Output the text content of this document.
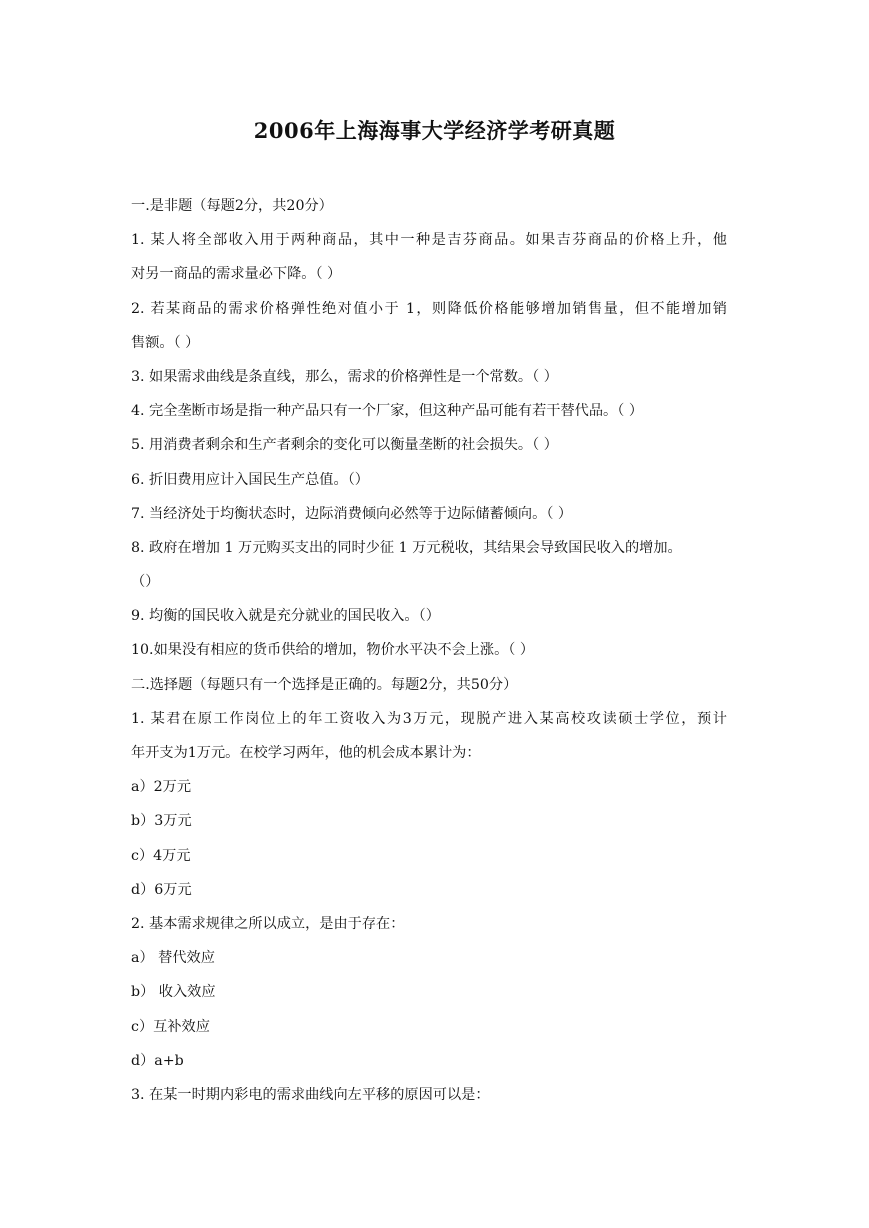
2006年上海海事大学经济学考研真题
一.是非题（每题2分，共20分）
1. 某人将全部收入用于两种商品，其中一种是吉芬商品。如果吉芬商品的价格上升，他
对另一商品的需求量必下降。（ ）
2. 若某商品的需求价格弹性绝对值小于 1，则降低价格能够增加销售量，但不能增加销
售额。（ ）
3. 如果需求曲线是条直线，那么，需求的价格弹性是一个常数。（ ）
4. 完全垄断市场是指一种产品只有一个厂家，但这种产品可能有若干替代品。（ ）
5. 用消费者剩余和生产者剩余的变化可以衡量垄断的社会损失。（ ）
6. 折旧费用应计入国民生产总值。（）
7. 当经济处于均衡状态时，边际消费倾向必然等于边际储蓄倾向。（ ）
8. 政府在增加 1 万元购买支出的同时少征 1 万元税收，其结果会导致国民收入的增加。
（）
9. 均衡的国民收入就是充分就业的国民收入。（）
10.如果没有相应的货币供给的增加，物价水平决不会上涨。（ ）
二.选择题（每题只有一个选择是正确的。每题2分，共50分）
1. 某君在原工作岗位上的年工资收入为3万元，现脱产进入某高校攻读硕士学位，预计
年开支为1万元。在校学习两年，他的机会成本累计为：
a）2万元
b）3万元
c）4万元
d）6万元
2. 基本需求规律之所以成立，是由于存在：
a） 替代效应
b） 收入效应
c）互补效应
d）a+b
3. 在某一时期内彩电的需求曲线向左平移的原因可以是：
